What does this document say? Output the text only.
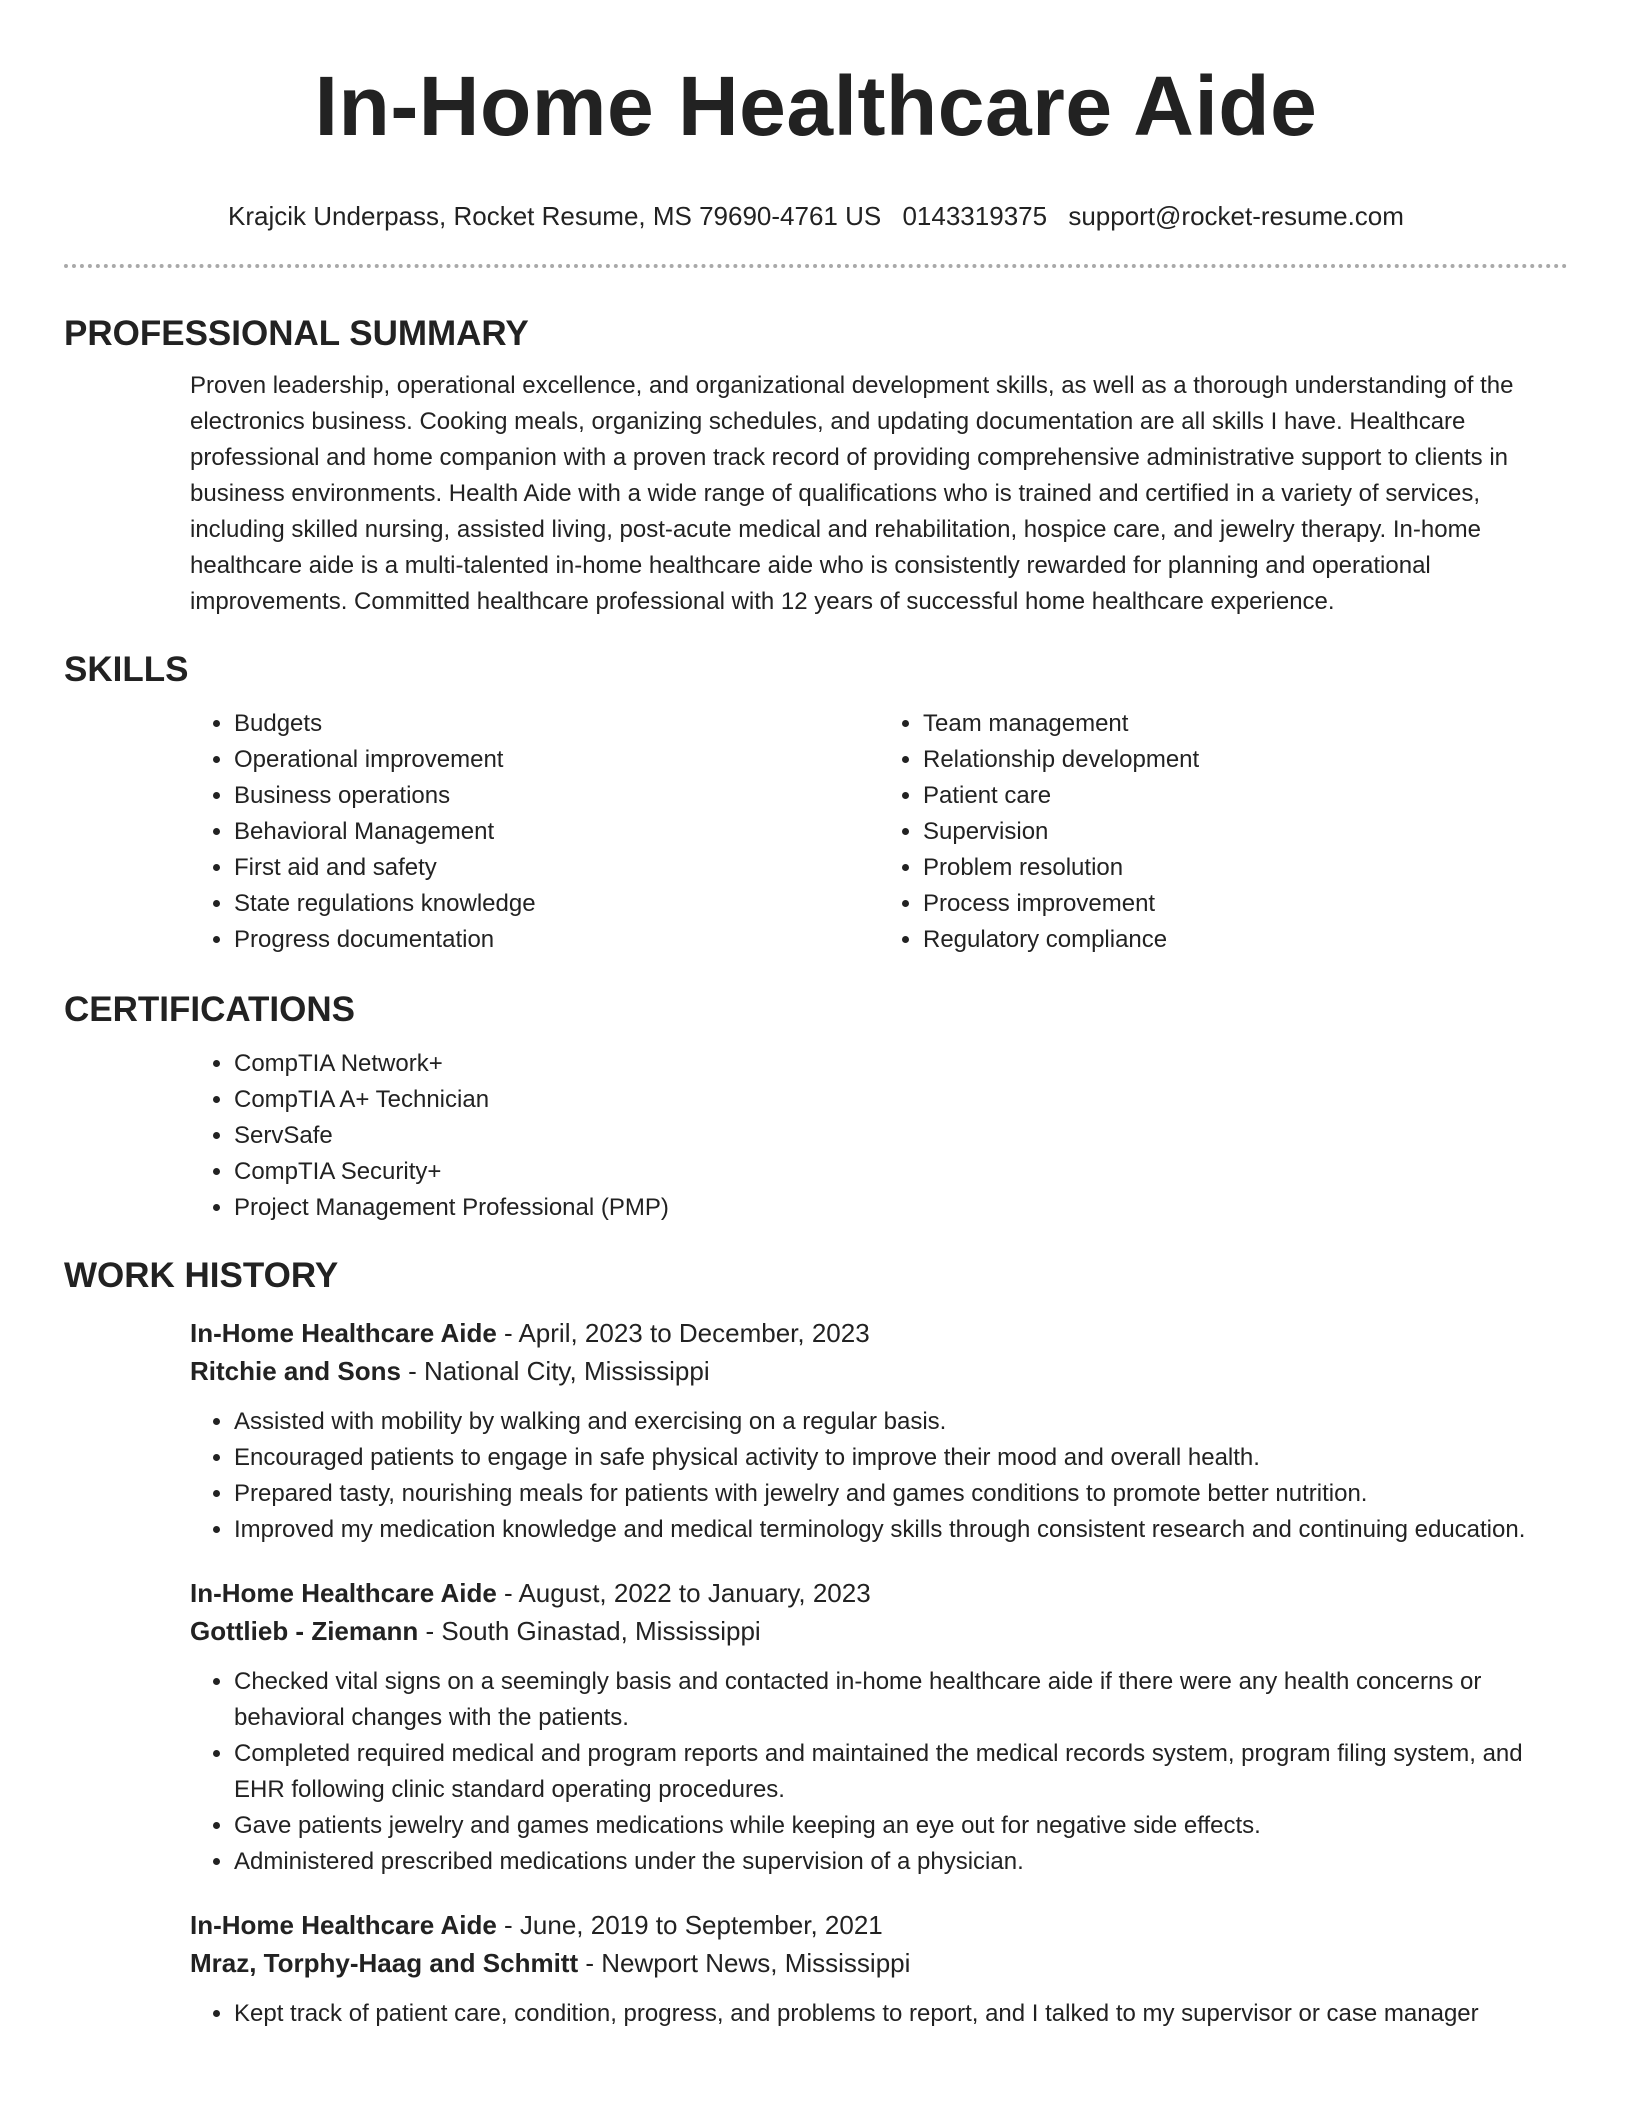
In-Home Healthcare Aide
Krajcik Underpass, Rocket Resume, MS 79690-4761 US 0143319375 support@rocket-resume.com
PROFESSIONAL SUMMARY

Proven leadership, operational excellence, and organizational development skills, as well as a thorough understanding of the electronics business. Cooking meals, organizing schedules, and updating documentation are all skills I have. Healthcare professional and home companion with a proven track record of providing comprehensive administrative support to clients in business environments. Health Aide with a wide range of qualifications who is trained and certified in a variety of services, including skilled nursing, assisted living, post-acute medical and rehabilitation, hospice care, and jewelry therapy. In-home healthcare aide is a multi-talented in-home healthcare aide who is consistently rewarded for planning and operational improvements. Committed healthcare professional with 12 years of successful home healthcare experience.

SKILLS
• Budgets
• Operational improvement
• Business operations
• Behavioral Management
• First aid and safety
• State regulations knowledge
• Progress documentation
• Team management
• Relationship development
• Patient care
• Supervision
• Problem resolution
• Process improvement
• Regulatory compliance
CERTIFICATIONS
• CompTIA Network+
• CompTIA A+ Technician
• ServSafe
• CompTIA Security+
• Project Management Professional (PMP)
WORK HISTORY
In-Home Healthcare Aide - April, 2023 to December, 2023
Ritchie and Sons - National City, Mississippi
• Assisted with mobility by walking and exercising on a regular basis.
• Encouraged patients to engage in safe physical activity to improve their mood and overall health.
• Prepared tasty, nourishing meals for patients with jewelry and games conditions to promote better nutrition.
• Improved my medication knowledge and medical terminology skills through consistent research and continuing education.
In-Home Healthcare Aide - August, 2022 to January, 2023
Gottlieb - Ziemann - South Ginastad, Mississippi
• Checked vital signs on a seemingly basis and contacted in-home healthcare aide if there were any health concerns or behavioral changes with the patients.
• Completed required medical and program reports and maintained the medical records system, program filing system, and EHR following clinic standard operating procedures.
• Gave patients jewelry and games medications while keeping an eye out for negative side effects.
• Administered prescribed medications under the supervision of a physician.
In-Home Healthcare Aide - June, 2019 to September, 2021
Mraz, Torphy-Haag and Schmitt - Newport News, Mississippi
• Kept track of patient care, condition, progress, and problems to report, and I talked to my supervisor or case manager
